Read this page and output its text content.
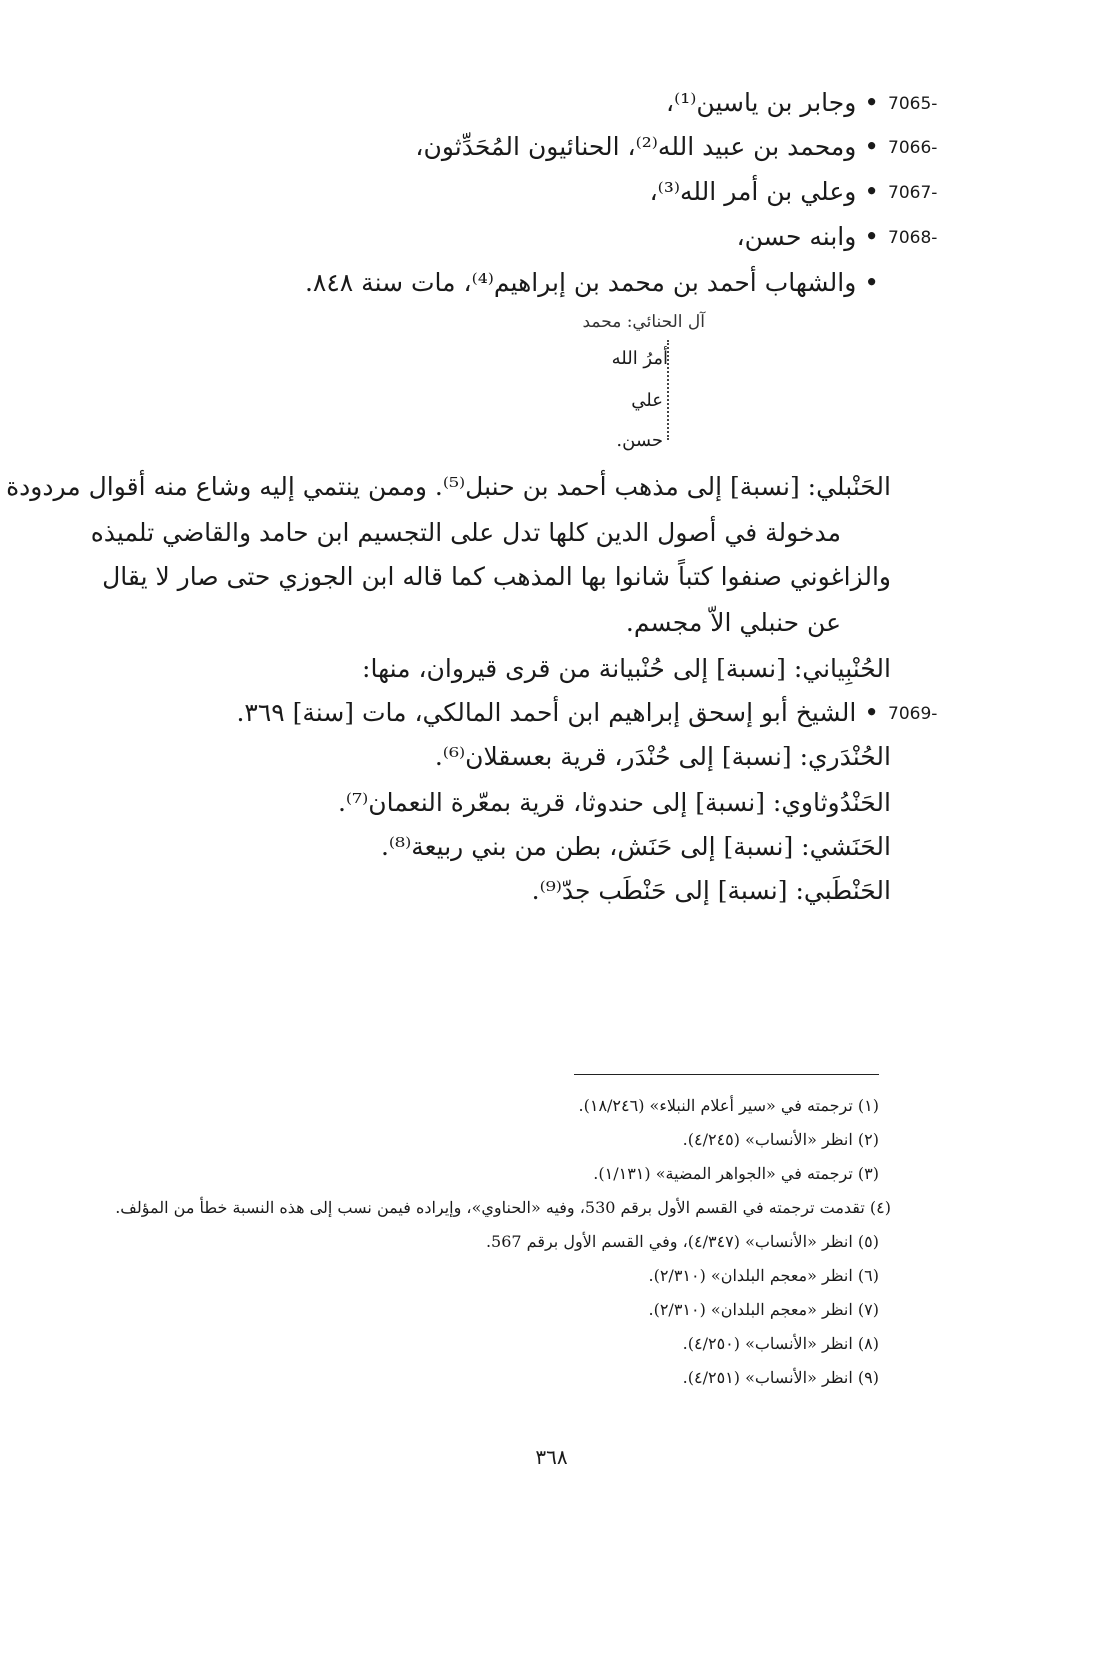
7065-
• وجابر بن ياسين⁽¹⁾،
7066-
• ومحمد بن عبيد الله⁽²⁾، الحنائيون المُحَدِّثون،
7067-
• وعلي بن أمر الله⁽³⁾،
7068-
• وابنه حسن،
• والشهاب أحمد بن محمد بن إبراهيم⁽⁴⁾، مات سنة ٨٤٨.
آل الحنائي: محمد
أمرُ الله
علي
حسن.
الحَنْبلي: [نسبة] إلى مذهب أحمد بن حنبل⁽⁵⁾. وممن ينتمي إليه وشاع منه أقوال مردودة
مدخولة في أصول الدين كلها تدل على التجسيم ابن حامد والقاضي تلميذه
والزاغوني صنفوا كتباً شانوا بها المذهب كما قاله ابن الجوزي حتى صار لا يقال
عن حنبلي الاّ مجسم.
الحُنْبِياني: [نسبة] إلى حُنْبيانة من قرى قيروان، منها:
7069-
• الشيخ أبو إسحق إبراهيم ابن أحمد المالكي، مات [سنة] ٣٦٩.
الحُنْدَري: [نسبة] إلى حُنْدَر، قرية بعسقلان⁽⁶⁾.
الحَنْدُوثاوي: [نسبة] إلى حندوثا، قرية بمعّرة النعمان⁽⁷⁾.
الحَنَشي: [نسبة] إلى حَنَش، بطن من بني ربيعة⁽⁸⁾.
الحَنْطَبي: [نسبة] إلى حَنْطَب جدّ⁽⁹⁾.
(١) ترجمته في «سير أعلام النبلاء» (١٨/٢٤٦).
(٢) انظر «الأنساب» (٤/٢٤٥).
(٣) ترجمته في «الجواهر المضية» (١/١٣١).
(٤) تقدمت ترجمته في القسم الأول برقم 530، وفيه «الحناوي»، وإيراده فيمن نسب إلى هذه النسبة خطأ من المؤلف.
(٥) انظر «الأنساب» (٤/٣٤٧)، وفي القسم الأول برقم 567.
(٦) انظر «معجم البلدان» (٢/٣١٠).
(٧) انظر «معجم البلدان» (٢/٣١٠).
(٨) انظر «الأنساب» (٤/٢٥٠).
(٩) انظر «الأنساب» (٤/٢٥١).
٣٦٨
